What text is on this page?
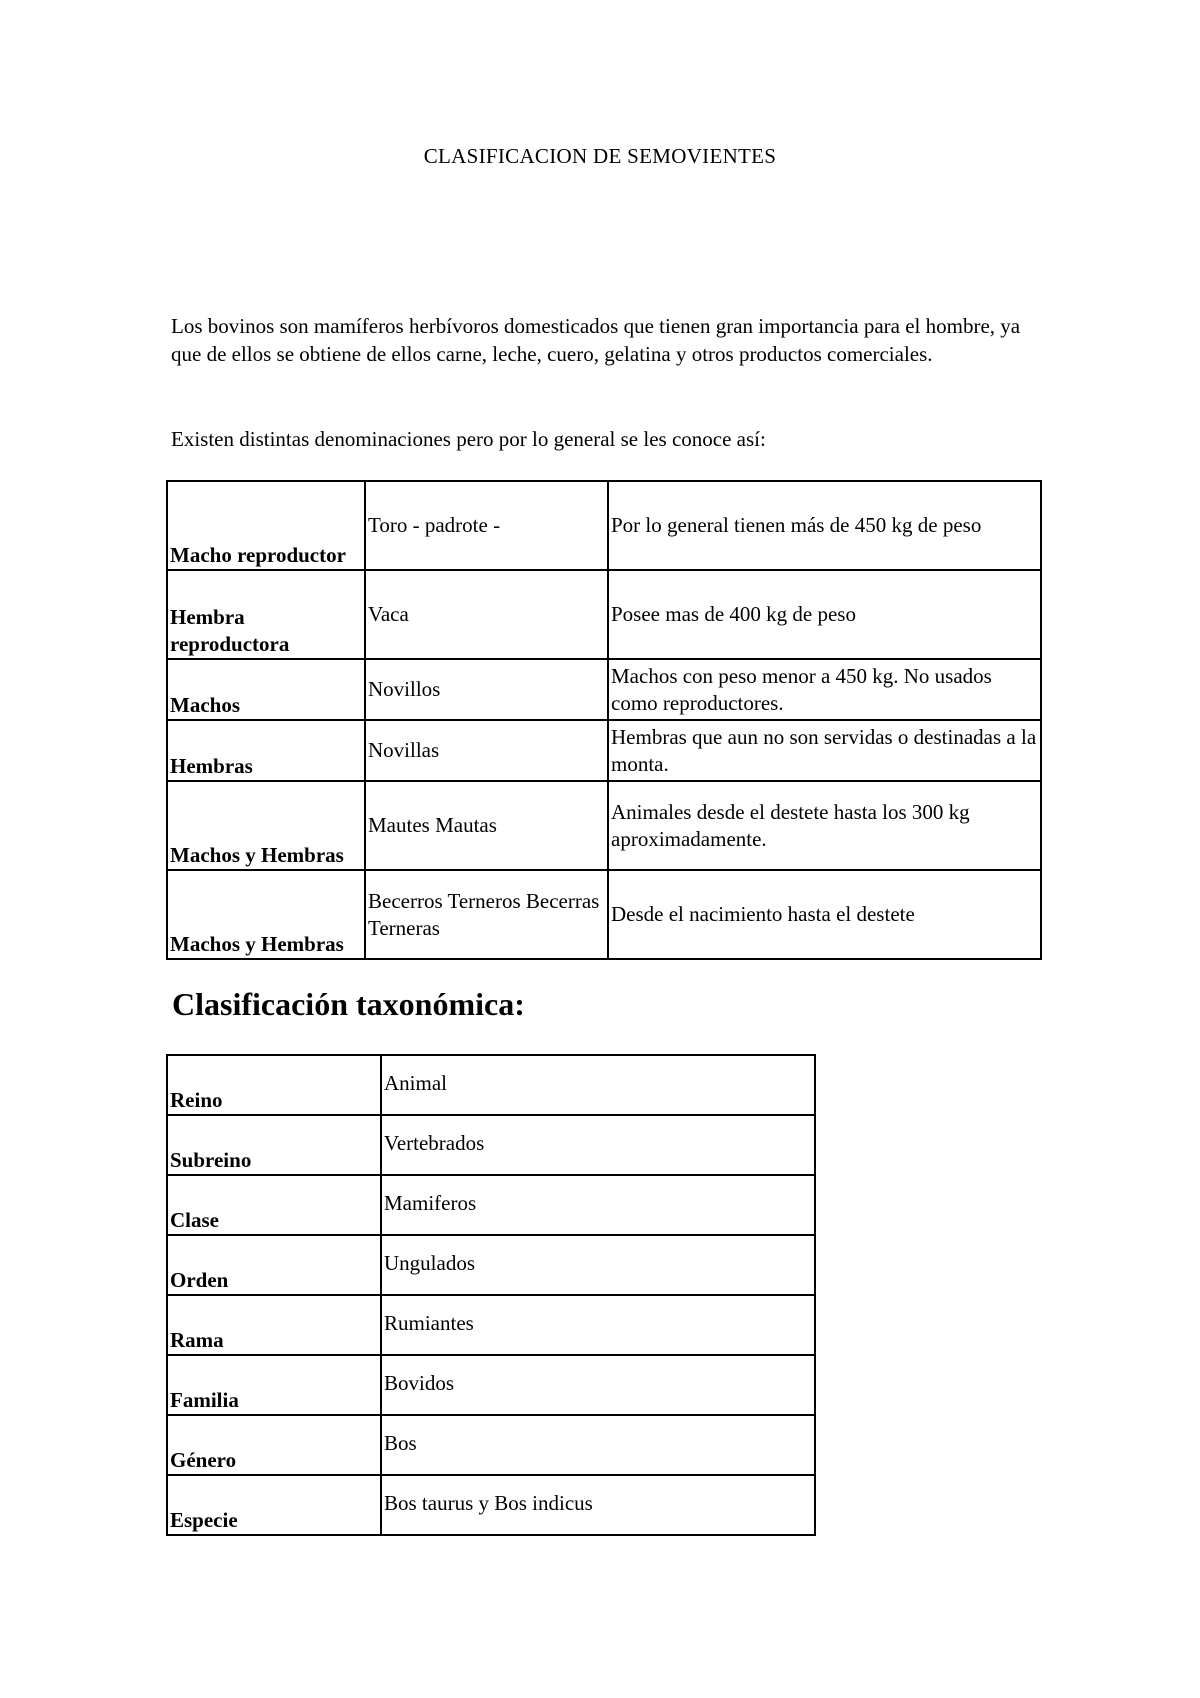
CLASIFICACION DE SEMOVIENTES

Los bovinos son mamíferos herbívoros domesticados que tienen gran importancia para el hombre, ya que de ellos se obtiene de ellos carne, leche, cuero, gelatina y otros productos comerciales.

Existen distintas denominaciones pero por lo general se les conoce así:

Macho reproductor	Toro - padrote -	Por lo general tienen más de 450 kg de peso
Hembra reproductora	Vaca	Posee mas de 400 kg de peso
Machos	Novillos	Machos con peso menor a 450 kg. No usados como reproductores.
Hembras	Novillas	Hembras que aun no son servidas o destinadas a la monta.
Machos y Hembras	Mautes Mautas	Animales desde el destete hasta los 300 kg aproximadamente.
Machos y Hembras	Becerros Terneros Becerras Terneras	Desde el nacimiento hasta el destete
Clasificación taxonómica:
Reino	Animal
Subreino	Vertebrados
Clase	Mamiferos
Orden	Ungulados
Rama	Rumiantes
Familia	Bovidos
Género	Bos
Especie	Bos taurus y Bos indicus
